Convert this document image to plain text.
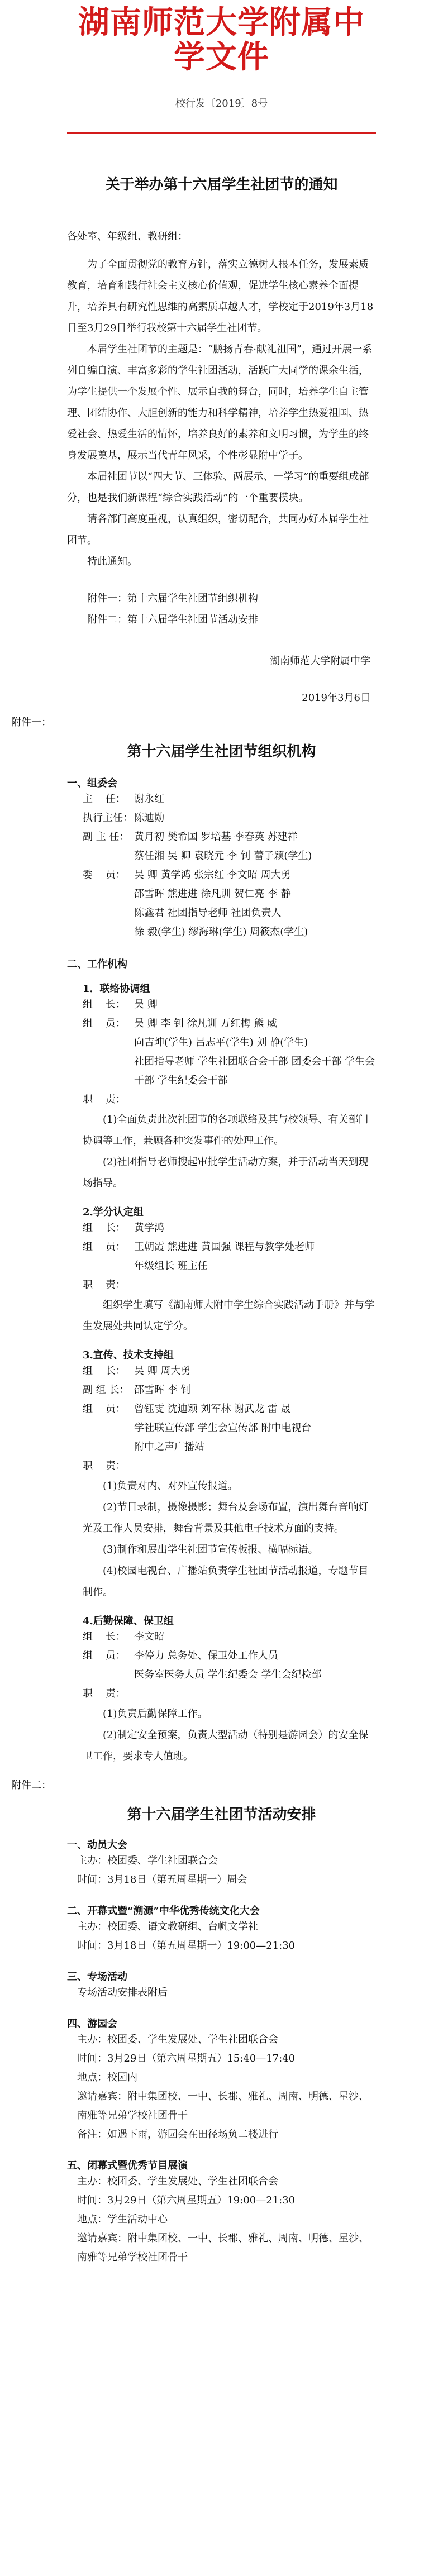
湖南师范大学附属中学文件
校行发〔2019〕8号
关于举办第十六届学生社团节的通知
各处室、年级组、教研组：

为了全面贯彻党的教育方针，落实立德树人根本任务，发展素质教育，培育和践行社会主义核心价值观，促进学生核心素养全面提升，培养具有研究性思维的高素质卓越人才，学校定于2019年3月18日至3月29日举行我校第十六届学生社团节。

本届学生社团节的主题是：“鹏扬青春·献礼祖国”，通过开展一系列自编自演、丰富多彩的学生社团活动，活跃广大同学的课余生活，为学生提供一个发展个性、展示自我的舞台，同时，培养学生自主管理、团结协作、大胆创新的能力和科学精神，培养学生热爱祖国、热爱社会、热爱生活的情怀，培养良好的素养和文明习惯，为学生的终身发展奠基，展示当代青年风采，个性彰显附中学子。

本届社团节以“四大节、三体验、两展示、一学习”的重要组成部分，也是我们新课程“综合实践活动”的一个重要模块。

请各部门高度重视，认真组织，密切配合，共同办好本届学生社团节。

特此通知。

附件一：第十六届学生社团节组织机构

附件二：第十六届学生社团节活动安排

湖南师范大学附属中学
2019年3月6日
附件一：
第十六届学生社团节组织机构
一、组委会
主    任： 谢永红
执行主任： 陈迪勋
副 主 任： 黄月初 樊希国 罗培基 李春英 苏建祥
蔡任湘 吴 卿 袁晓元 李 钊 蕾子颖(学生)
委    员： 吴 卿 黄学鸿 张宗红 李文昭 周大勇
邵雪晖 熊进进 徐凡训 贺仁亮 李 静
陈鑫君 社团指导老师 社团负责人
徐 毅(学生) 缪海琳(学生) 周筱杰(学生)
二、工作机构
1．联络协调组
组    长： 吴 卿
组    员： 吴 卿 李 钊 徐凡训 万红梅 熊 威
向吉坤(学生) 吕志平(学生) 刘 静(学生)
社团指导老师 学生社团联合会干部 团委会干部 学生会干部 学生纪委会干部
职    责：

(1)全面负责此次社团节的各项联络及其与校领导、有关部门协调等工作，兼顾各种突发事件的处理工作。

(2)社团指导老师搜起审批学生活动方案，并于活动当天到现场指导。

2.学分认定组
组    长： 黄学鸿
组    员： 王朝霞 熊进进 黄国强 课程与教学处老师
年级组长 班主任
职    责：

组织学生填写《湖南师大附中学生综合实践活动手册》并与学生发展处共同认定学分。

3.宣传、技术支持组
组    长： 吴 卿 周大勇
副 组 长： 邵雪晖 李 钊
组    员： 曾钰雯 沈迪颖 刘军林 谢武龙 雷 晟
学社联宣传部 学生会宣传部 附中电视台
附中之声广播站
职    责：

(1)负责对内、对外宣传报道。

(2)节目录制，摄像摄影；舞台及会场布置，演出舞台音响灯光及工作人员安排，舞台背景及其他电子技术方面的支持。

(3)制作和展出学生社团节宣传板报、横幅标语。

(4)校园电视台、广播站负责学生社团节活动报道，专题节目制作。

4.后勤保障、保卫组
组    长： 李文昭
组    员： 李停力 总务处、保卫处工作人员
医务室医务人员 学生纪委会 学生会纪检部
职    责：

(1)负责后勤保障工作。

(2)制定安全预案，负责大型活动（特别是游园会）的安全保卫工作，要求专人值班。

附件二：
第十六届学生社团节活动安排
一、动员大会
主办：校团委、学生社团联合会
时间：3月18日（第五周星期一）周会
二、开幕式暨“溯源”中华优秀传统文化大会
主办：校团委、语文教研组、台帆文学社
时间：3月18日（第五周星期一）19:00—21:30
三、专场活动
专场活动安排表附后
四、游园会
主办：校团委、学生发展处、学生社团联合会
时间：3月29日（第六周星期五）15:40—17:40
地点：校园内
邀请嘉宾：附中集团校、一中、长郡、雅礼、周南、明德、星沙、南雅等兄弟学校社团骨干
备注：如遇下雨，游园会在田径场负二楼进行
五、闭幕式暨优秀节目展演
主办：校团委、学生发展处、学生社团联合会
时间：3月29日（第六周星期五）19:00—21:30
地点：学生活动中心
邀请嘉宾：附中集团校、一中、长郡、雅礼、周南、明德、星沙、南雅等兄弟学校社团骨干
